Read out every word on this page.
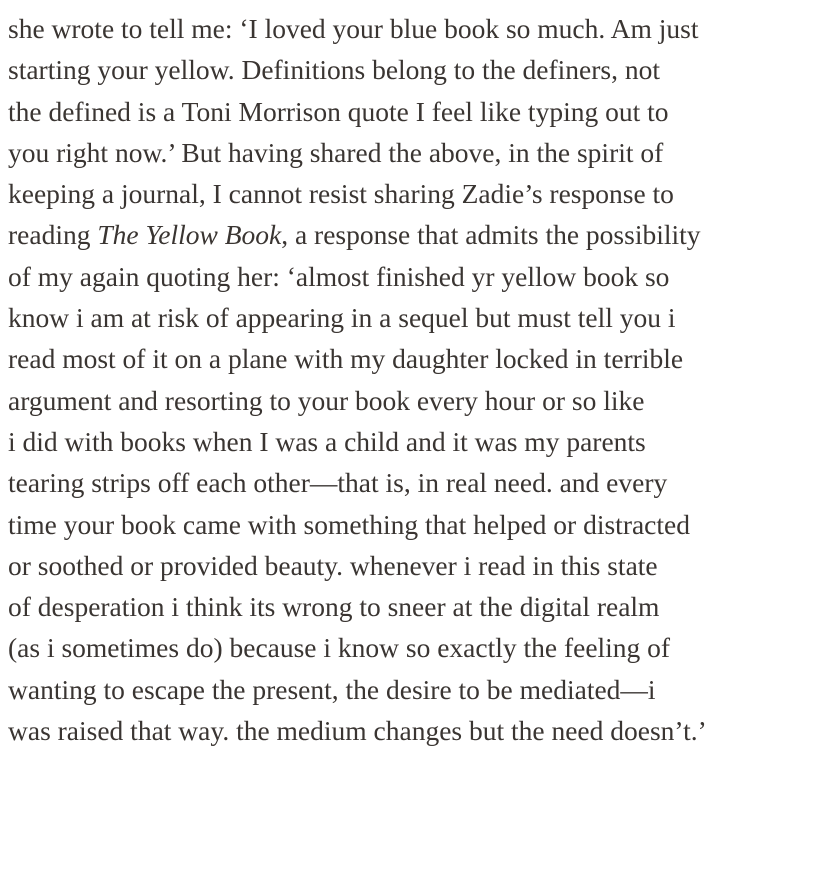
she wrote to tell me: ‘I loved your blue book so much. Am just
starting your yellow. Definitions belong to the definers, not
the defined is a Toni Morrison quote I feel like typing out to
you right now.’ But having shared the above, in the spirit of
keeping a journal, I cannot resist sharing Zadie’s response to
reading The Yellow Book, a response that admits the possibility
of my again quoting her: ‘almost finished yr yellow book so
know i am at risk of appearing in a sequel but must tell you i
read most of it on a plane with my daughter locked in terrible
argument and resorting to your book every hour or so like
i did with books when I was a child and it was my parents
tearing strips off each other—that is, in real need. and every
time your book came with something that helped or distracted
or soothed or provided beauty. whenever i read in this state
of desperation i think its wrong to sneer at the digital realm
(as i sometimes do) because i know so exactly the feeling of
wanting to escape the present, the desire to be mediated—i
was raised that way. the medium changes but the need doesn’t.’
